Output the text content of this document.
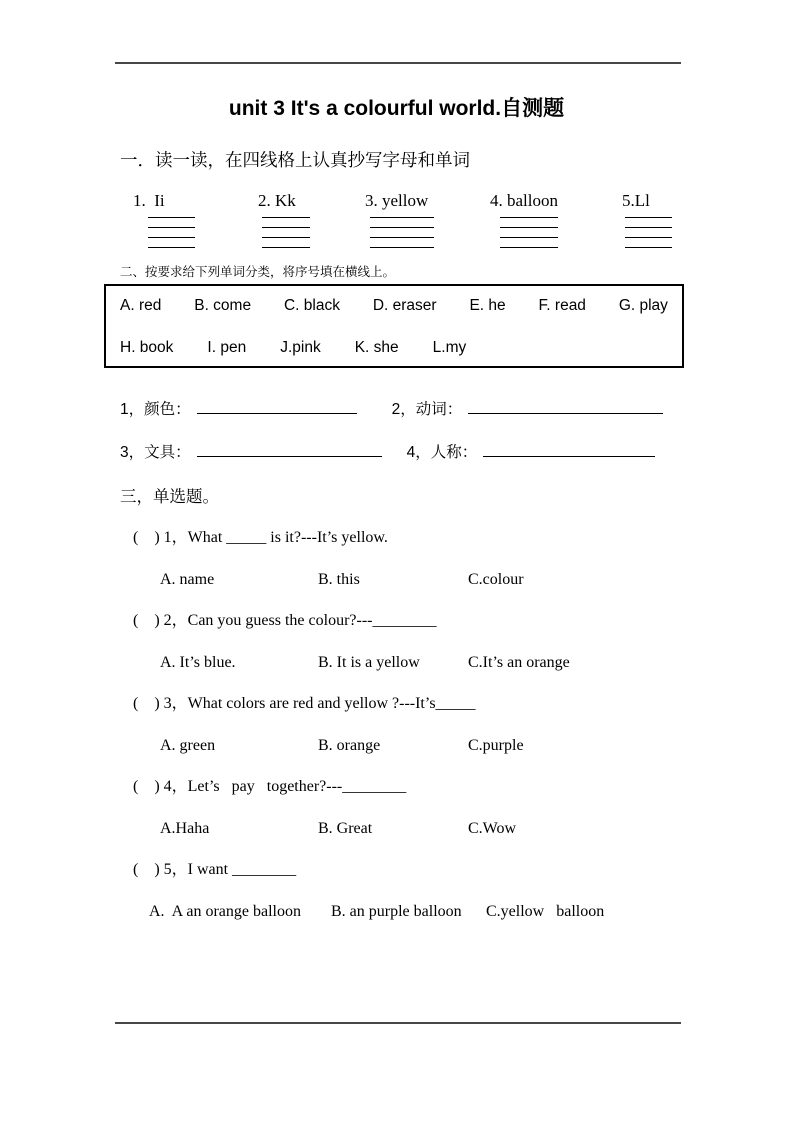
unit 3 It's a colourful world.自测题
一．读一读，在四线格上认真抄写字母和单词
1.  Ii	2. Kk	3. yellow	4. balloon	5.Ll
二、按要求给下列单词分类，将序号填在横线上。
A. red B. come C. black D. eraser E. he F. read G. play
H. book I. pen J.pink K. she L.my
1，颜色：	2，动词：
3，文具：	4，人称：
三，单选题。
(    ) 1，What _____ is it?---It’s yellow.
A. name	B. this	C.colour
(    ) 2，Can you guess the colour?---________
A. It’s blue.	B. It is a yellow	C.It’s an orange
(    ) 3，What colors are red and yellow ?---It’s_____
A. green	B. orange	C.purple
(    ) 4，Let’s   pay   together?---________
A.Haha	B. Great	C.Wow
(    ) 5，I want ________
A.  A an orange balloon	B. an purple balloon	C.yellow   balloon
